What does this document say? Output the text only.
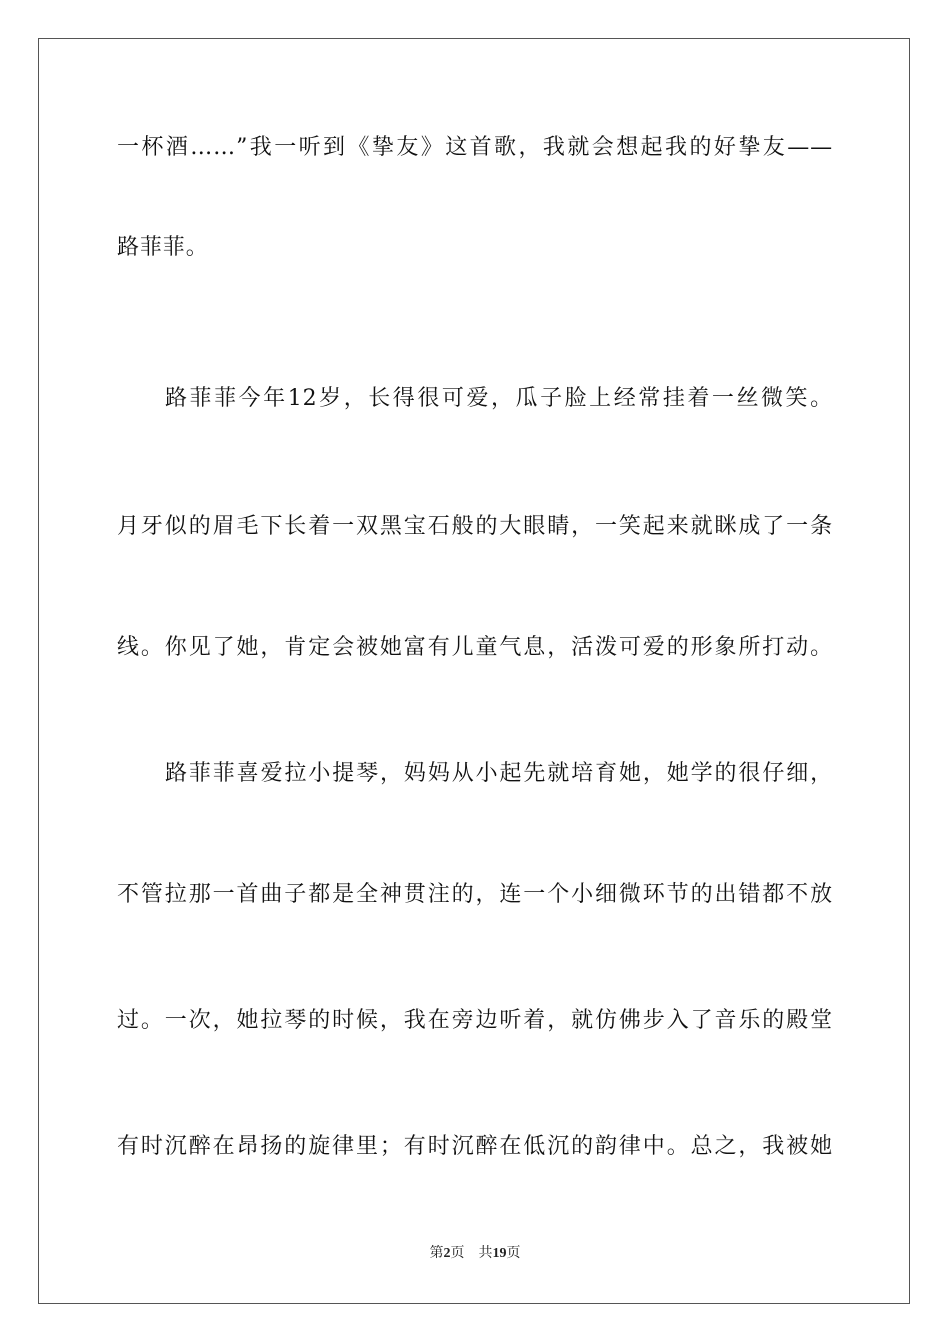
一杯酒……”我一听到《挚友》这首歌，我就会想起我的好挚友——
路菲菲。
路菲菲今年12岁，长得很可爱，瓜子脸上经常挂着一丝微笑。
月牙似的眉毛下长着一双黑宝石般的大眼睛，一笑起来就眯成了一条
线。你见了她，肯定会被她富有儿童气息，活泼可爱的形象所打动。
路菲菲喜爱拉小提琴，妈妈从小起先就培育她，她学的很仔细，
不管拉那一首曲子都是全神贯注的，连一个小细微环节的出错都不放
过。一次，她拉琴的时候，我在旁边听着，就仿佛步入了音乐的殿堂
有时沉醉在昂扬的旋律里；有时沉醉在低沉的韵律中。总之，我被她
第2页 共19页
